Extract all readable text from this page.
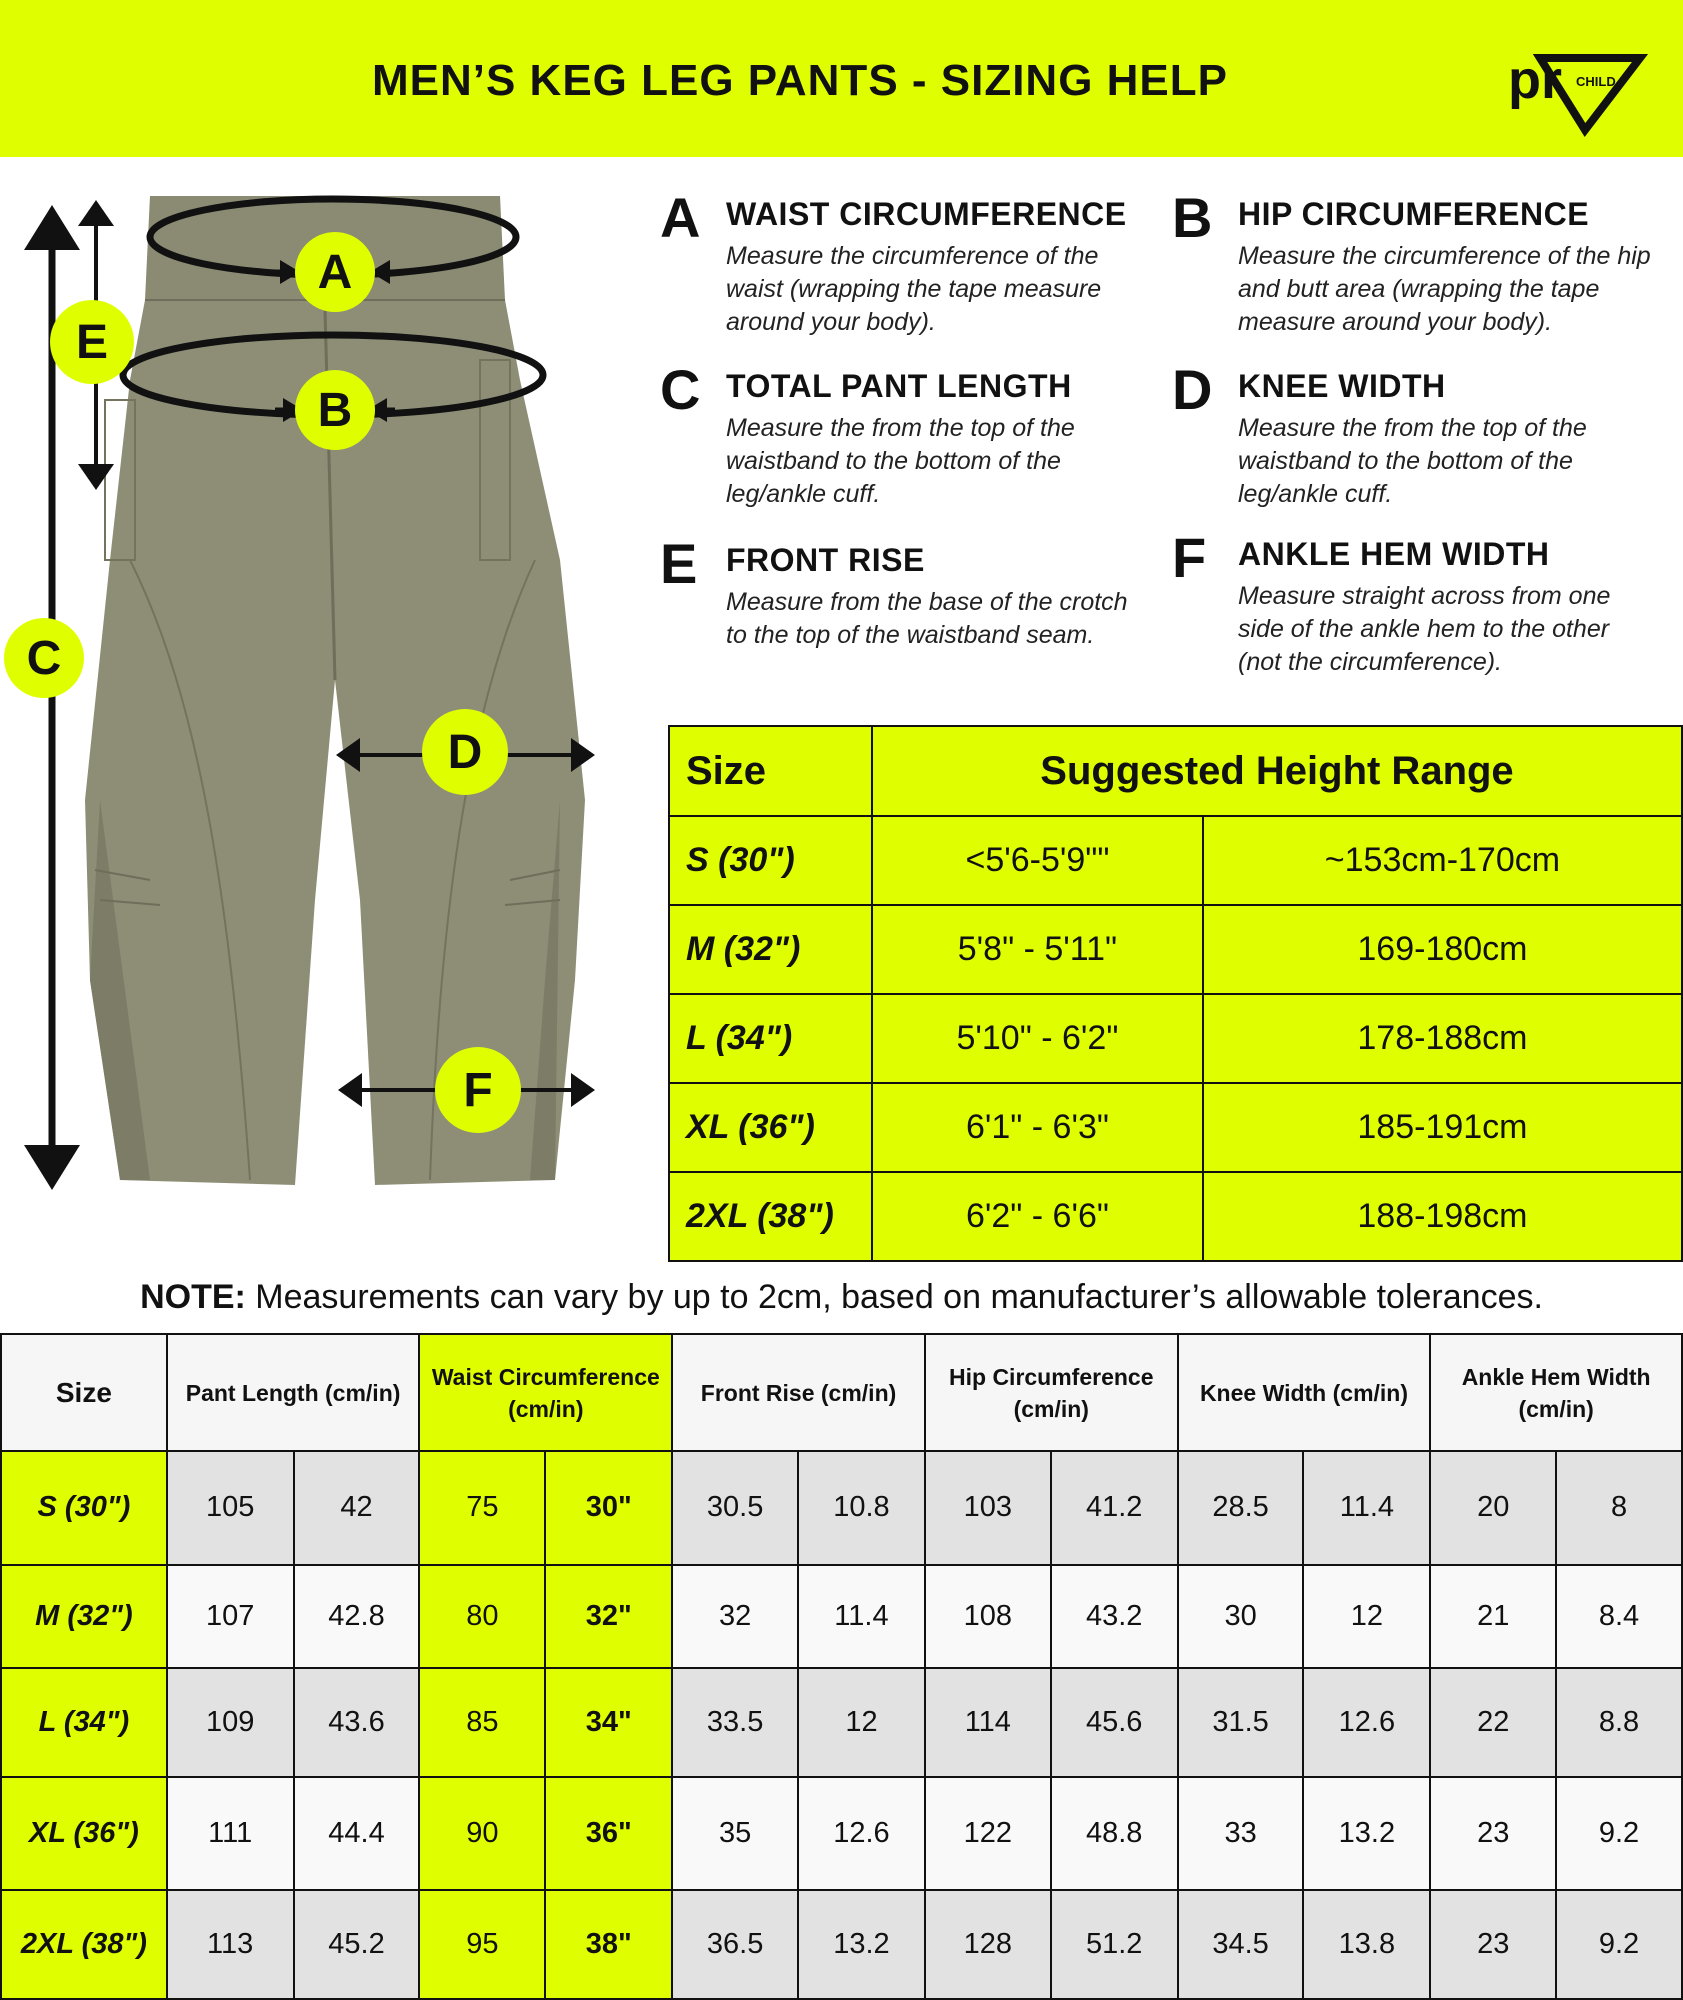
MEN’S KEG LEG PANTS - SIZING HELP	pr CHILD
A
B
C
D
E
F
A WAIST CIRCUMFERENCE
Measure the circumference of the waist (wrapping the tape measure around your body).
B HIP CIRCUMFERENCE
Measure the circumference of the hip and butt area (wrapping the tape measure around your body).
C TOTAL PANT LENGTH
Measure the from the top of the waistband to the bottom of the leg/ankle cuff.
D KNEE WIDTH
Measure the from the top of the waistband to the bottom of the leg/ankle cuff.
E FRONT RISE
Measure from the base of the crotch to the top of the waistband seam.
F ANKLE HEM WIDTH
Measure straight across from one side of the ankle hem to the other (not the circumference).
Size	Suggested Height Range	
S (30")	<5'6-5'9""	~153cm-170cm
M (32")	5'8" - 5'11"	169-180cm
L (34")	5'10" - 6'2"	178-188cm
XL (36")	6'1" - 6'3"	185-191cm
2XL (38")	6'2" - 6'6"	188-198cm
NOTE: Measurements can vary by up to 2cm, based on manufacturer’s allowable tolerances.
Size	Pant Length (cm/in)		Waist Circumference (cm/in)		Front Rise (cm/in)		Hip Circumference (cm/in)		Knee Width (cm/in)		Ankle Hem Width (cm/in)	
S (30")	105	42	75	30"	30.5	10.8	103	41.2	28.5	11.4	20	8
M (32")	107	42.8	80	32"	32	11.4	108	43.2	30	12	21	8.4
L (34")	109	43.6	85	34"	33.5	12	114	45.6	31.5	12.6	22	8.8
XL (36")	111	44.4	90	36"	35	12.6	122	48.8	33	13.2	23	9.2
2XL (38")	113	45.2	95	38"	36.5	13.2	128	51.2	34.5	13.8	23	9.2
